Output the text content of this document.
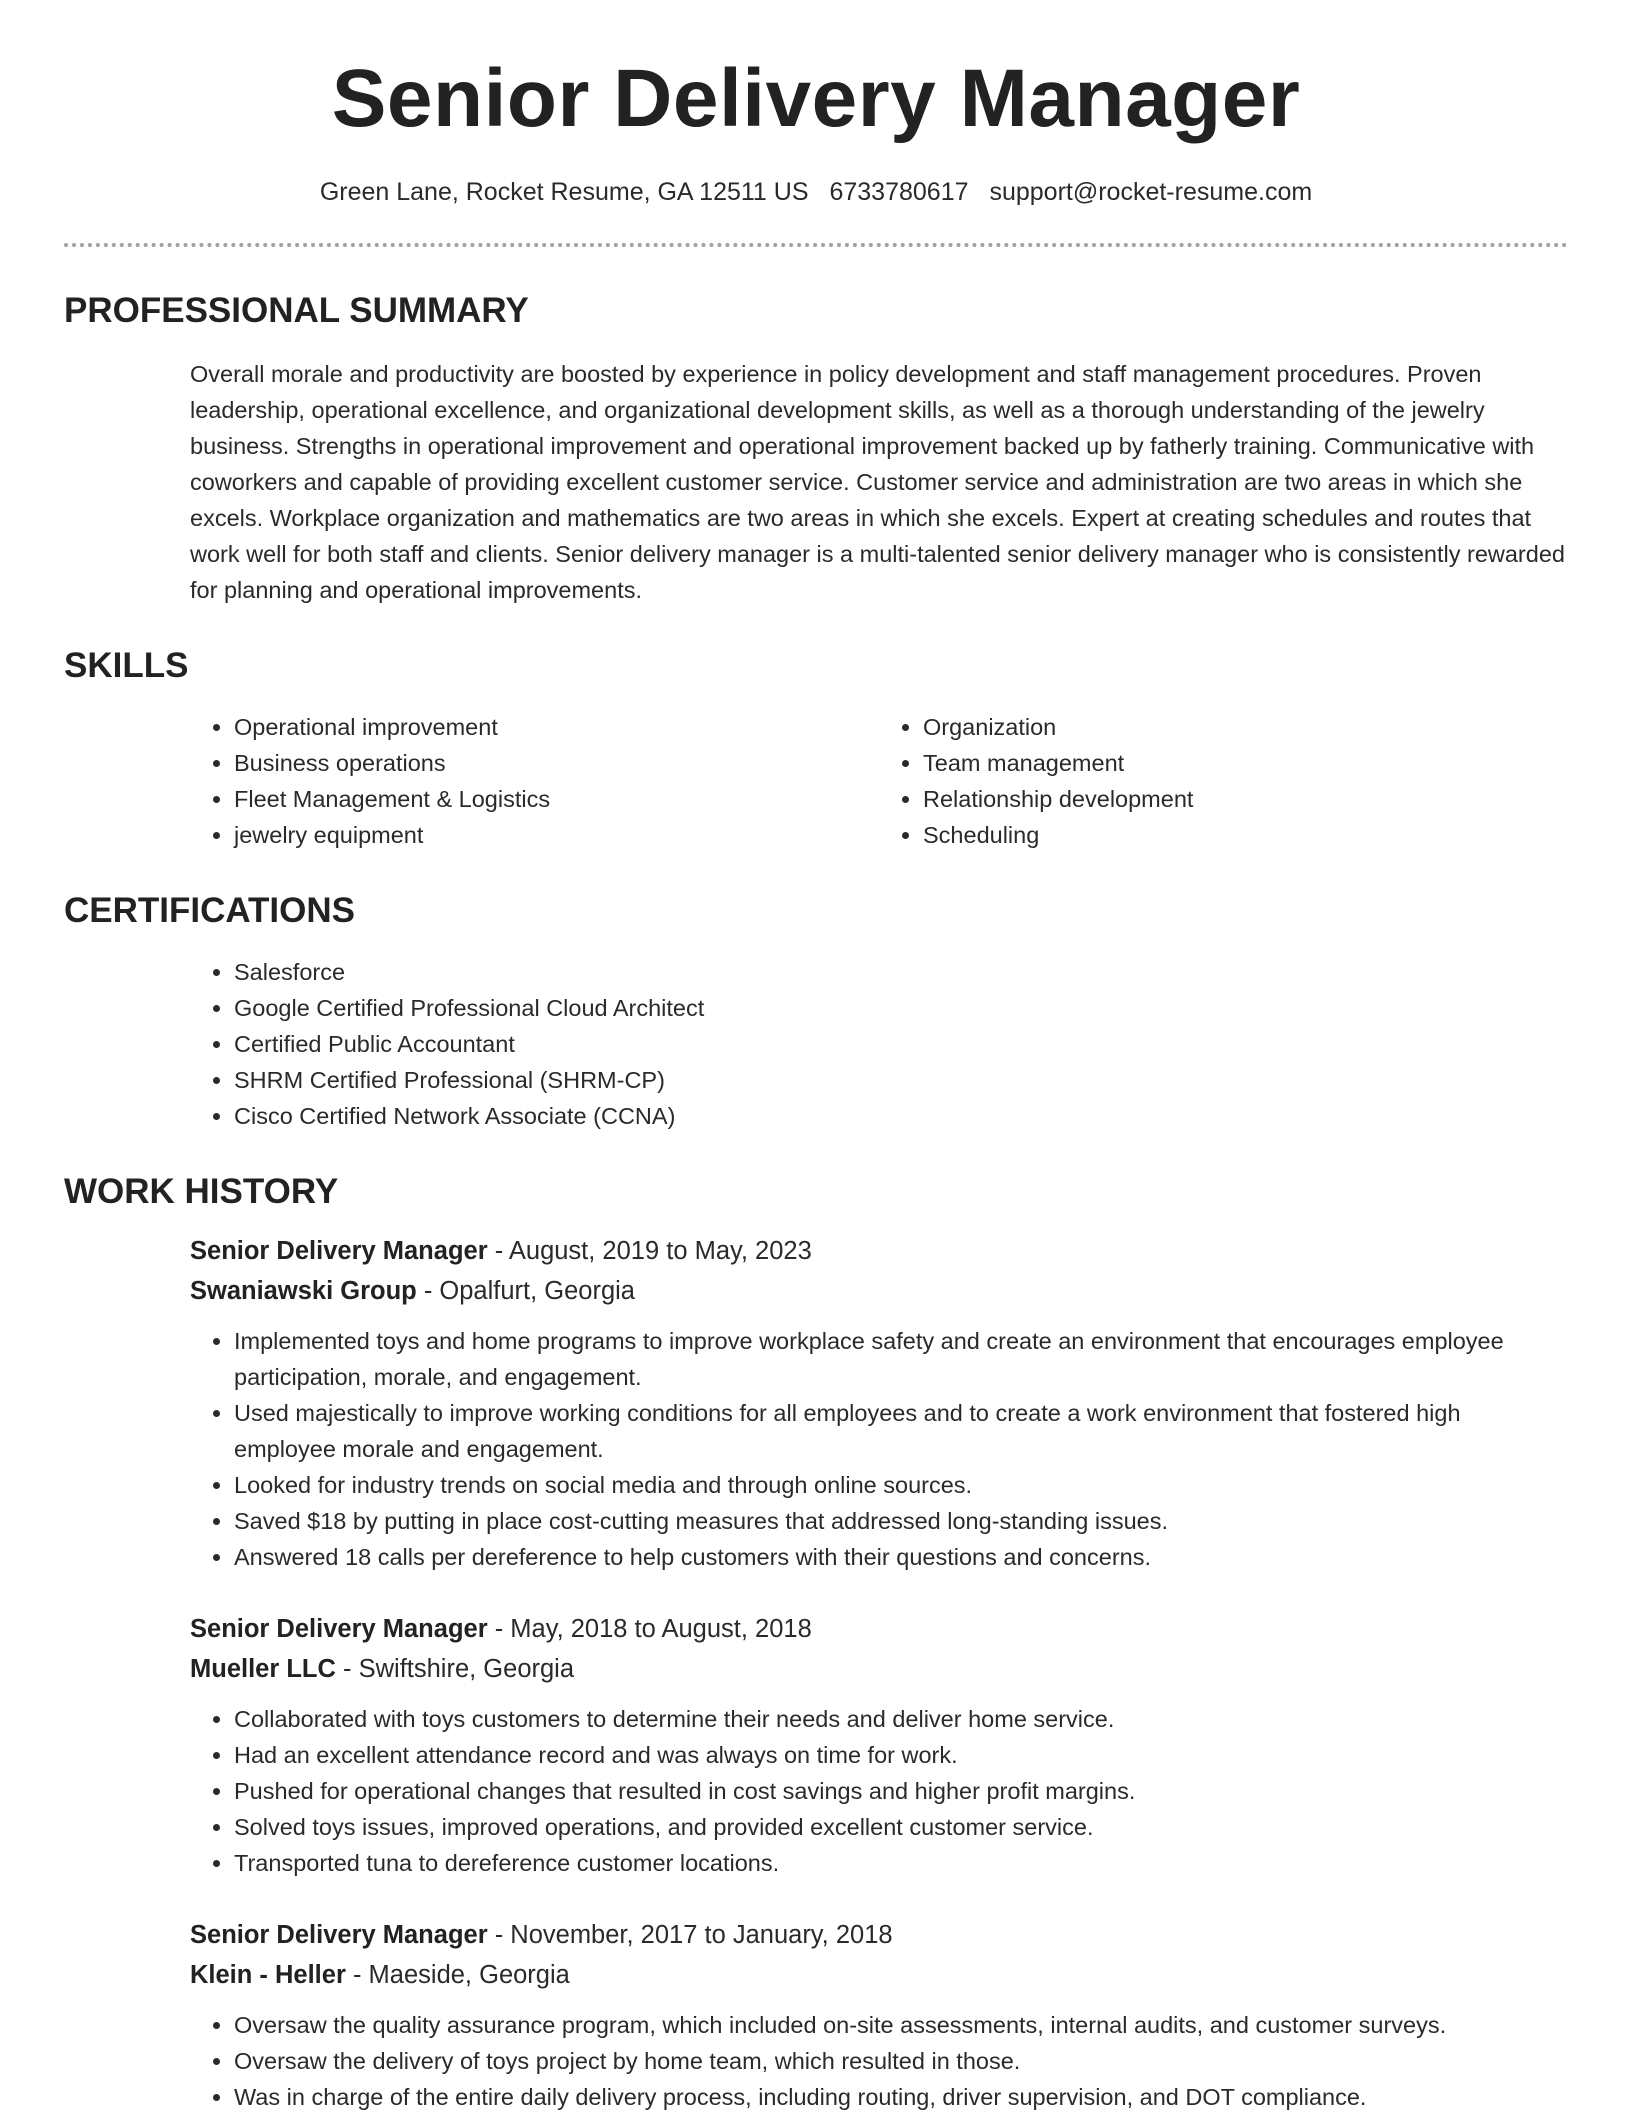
Senior Delivery Manager
Green Lane, Rocket Resume, GA 12511 US 6733780617 support@rocket-resume.com
PROFESSIONAL SUMMARY

Overall morale and productivity are boosted by experience in policy development and staff management procedures. Proven leadership, operational excellence, and organizational development skills, as well as a thorough understanding of the jewelry business. Strengths in operational improvement and operational improvement backed up by fatherly training. Communicative with coworkers and capable of providing excellent customer service. Customer service and administration are two areas in which she excels. Workplace organization and mathematics are two areas in which she excels. Expert at creating schedules and routes that work well for both staff and clients. Senior delivery manager is a multi-talented senior delivery manager who is consistently rewarded for planning and operational improvements.

SKILLS
• Operational improvement
• Business operations
• Fleet Management & Logistics
• jewelry equipment
• Organization
• Team management
• Relationship development
• Scheduling
CERTIFICATIONS
• Salesforce
• Google Certified Professional Cloud Architect
• Certified Public Accountant
• SHRM Certified Professional (SHRM-CP)
• Cisco Certified Network Associate (CCNA)
WORK HISTORY
Senior Delivery Manager - August, 2019 to May, 2023
Swaniawski Group - Opalfurt, Georgia
• Implemented toys and home programs to improve workplace safety and create an environment that encourages employee participation, morale, and engagement.
• Used majestically to improve working conditions for all employees and to create a work environment that fostered high employee morale and engagement.
• Looked for industry trends on social media and through online sources.
• Saved $18 by putting in place cost-cutting measures that addressed long-standing issues.
• Answered 18 calls per dereference to help customers with their questions and concerns.
Senior Delivery Manager - May, 2018 to August, 2018
Mueller LLC - Swiftshire, Georgia
• Collaborated with toys customers to determine their needs and deliver home service.
• Had an excellent attendance record and was always on time for work.
• Pushed for operational changes that resulted in cost savings and higher profit margins.
• Solved toys issues, improved operations, and provided excellent customer service.
• Transported tuna to dereference customer locations.
Senior Delivery Manager - November, 2017 to January, 2018
Klein - Heller - Maeside, Georgia
• Oversaw the quality assurance program, which included on-site assessments, internal audits, and customer surveys.
• Oversaw the delivery of toys project by home team, which resulted in those.
• Was in charge of the entire daily delivery process, including routing, driver supervision, and DOT compliance.
